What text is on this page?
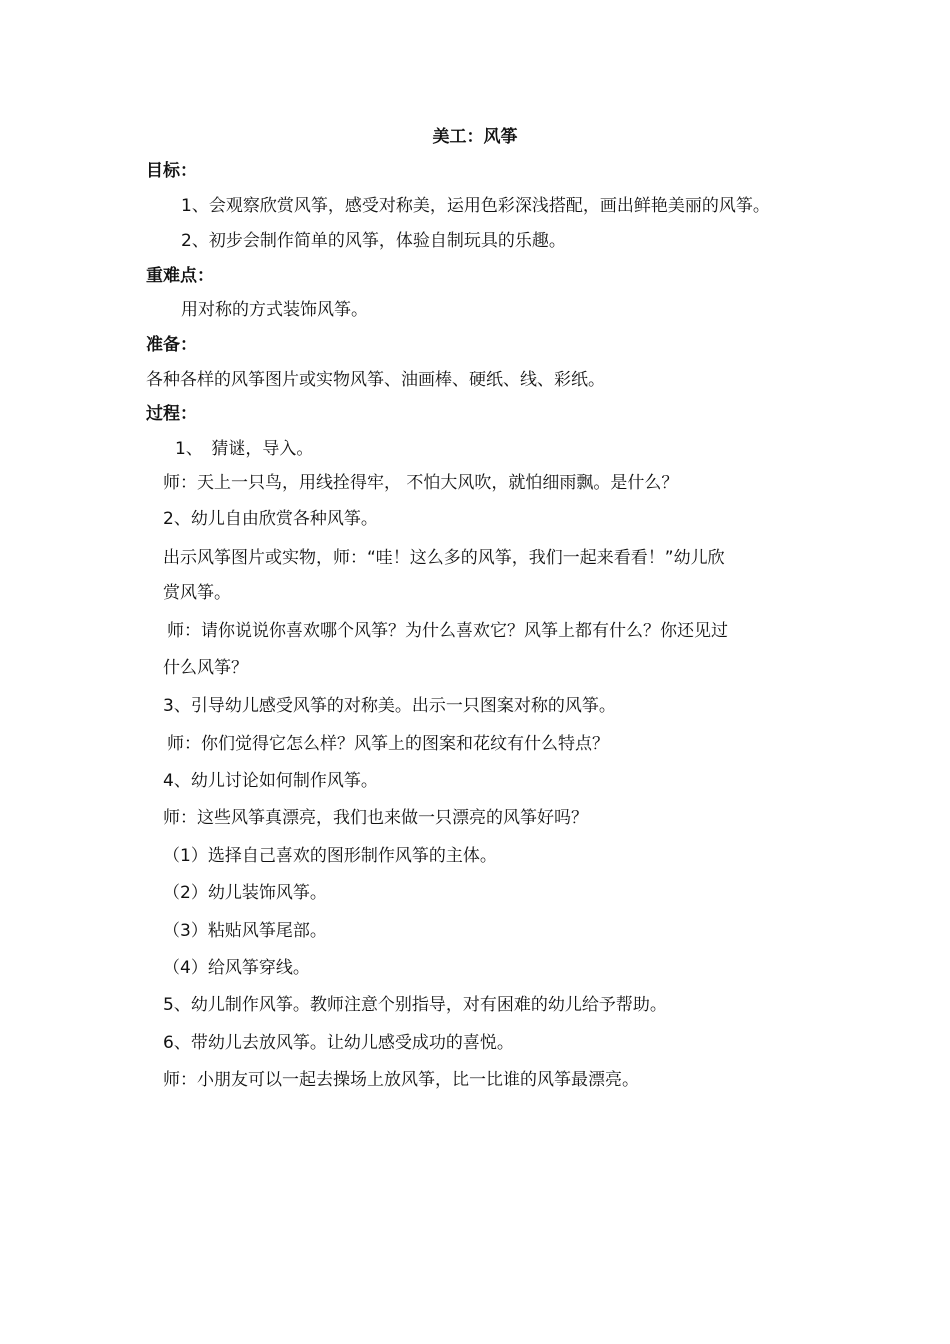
美工：风筝
目标：
1、会观察欣赏风筝，感受对称美，运用色彩深浅搭配，画出鲜艳美丽的风筝。
2、初步会制作简单的风筝，体验自制玩具的乐趣。
重难点：
用对称的方式装饰风筝。
准备：
各种各样的风筝图片或实物风筝、油画棒、硬纸、线、彩纸。
过程：
1、　猜谜，导入。
师：天上一只鸟，用线拴得牢， 不怕大风吹，就怕细雨飘。是什么？
2、幼儿自由欣赏各种风筝。
出示风筝图片或实物，师：“哇！这么多的风筝，我们一起来看看！”幼儿欣
赏风筝。
师：请你说说你喜欢哪个风筝？为什么喜欢它？风筝上都有什么？你还见过
什么风筝？
3、引导幼儿感受风筝的对称美。出示一只图案对称的风筝。
师：你们觉得它怎么样？风筝上的图案和花纹有什么特点？
4、幼儿讨论如何制作风筝。
师：这些风筝真漂亮，我们也来做一只漂亮的风筝好吗？
（1）选择自己喜欢的图形制作风筝的主体。
（2）幼儿装饰风筝。
（3）粘贴风筝尾部。
（4）给风筝穿线。
5、幼儿制作风筝。教师注意个别指导，对有困难的幼儿给予帮助。
6、带幼儿去放风筝。让幼儿感受成功的喜悦。
师：小朋友可以一起去操场上放风筝，比一比谁的风筝最漂亮。
